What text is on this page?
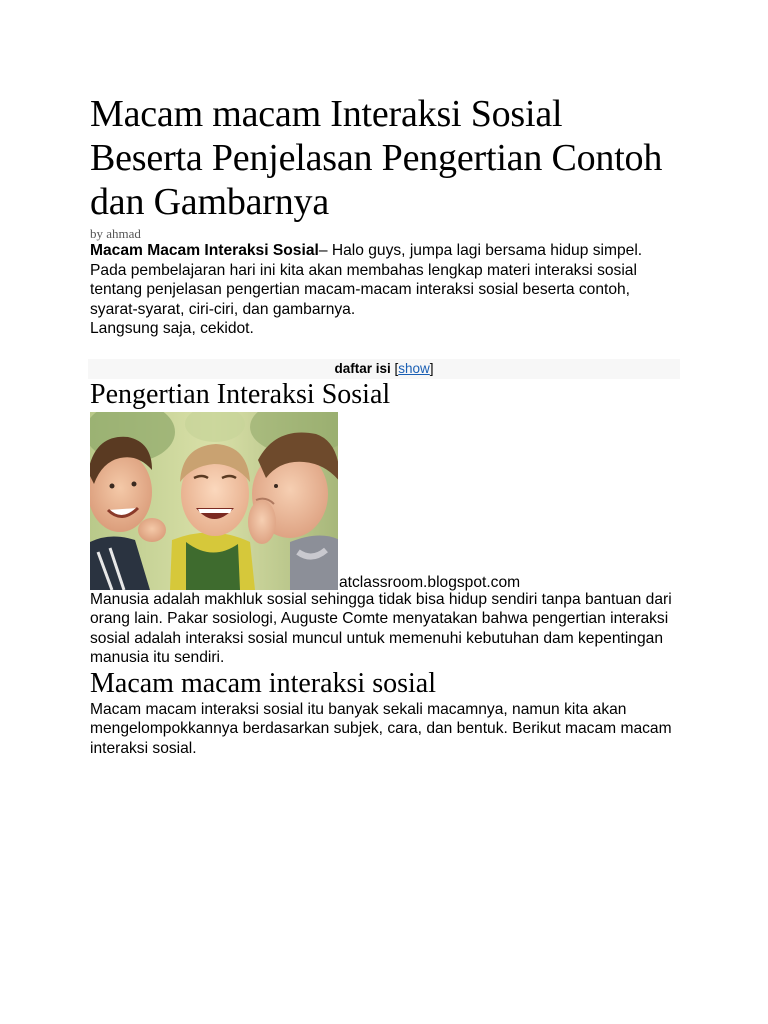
Macam macam Interaksi Sosial Beserta Penjelasan Pengertian Contoh dan Gambarnya
by ahmad

Macam Macam Interaksi Sosial– Halo guys, jumpa lagi bersama hidup simpel. Pada pembelajaran hari ini kita akan membahas lengkap materi interaksi sosial tentang penjelasan pengertian macam-macam interaksi sosial beserta contoh, syarat-syarat, ciri-ciri, dan gambarnya.

Langsung saja, cekidot.

daftar isi [show]
Pengertian Interaksi Sosial
atclassroom.blogspot.com

Manusia adalah makhluk sosial sehingga tidak bisa hidup sendiri tanpa bantuan dari orang lain. Pakar sosiologi, Auguste Comte menyatakan bahwa pengertian interaksi sosial adalah interaksi sosial muncul untuk memenuhi kebutuhan dam kepentingan manusia itu sendiri.

Macam macam interaksi sosial

Macam macam interaksi sosial itu banyak sekali macamnya, namun kita akan mengelompokkannya berdasarkan subjek, cara, dan bentuk. Berikut macam macam interaksi sosial.
